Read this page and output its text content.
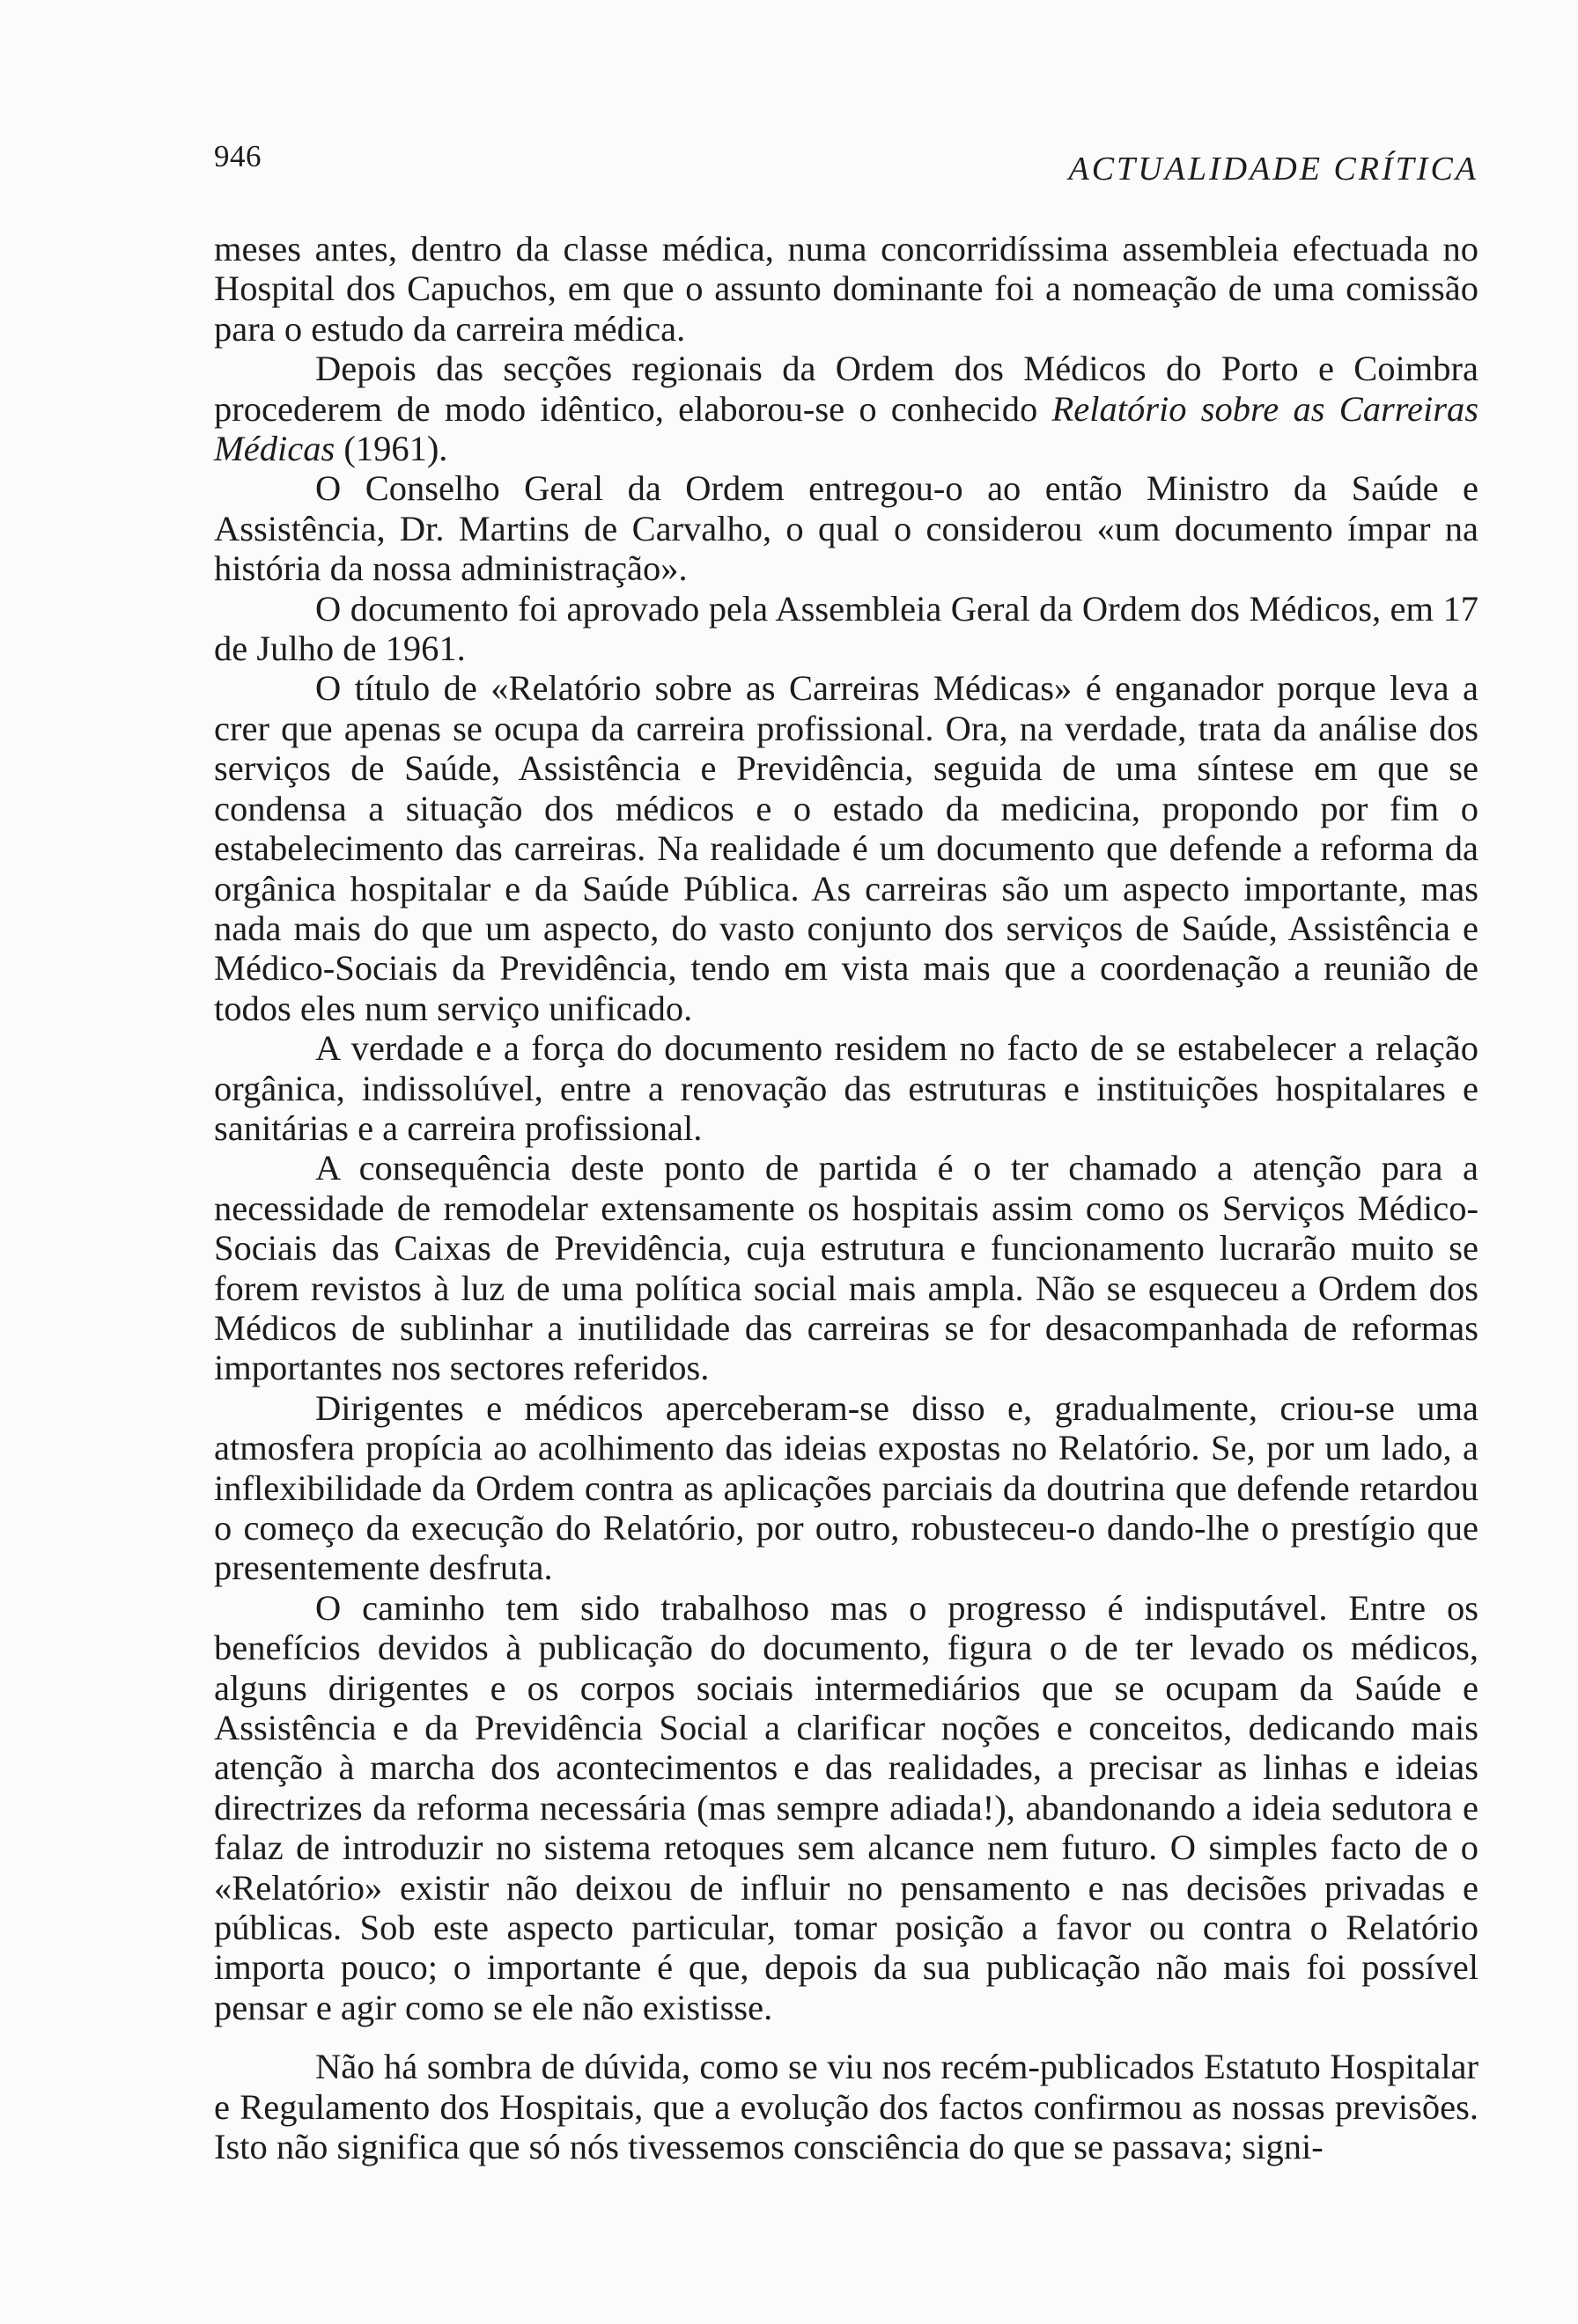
946	ACTUALIDADE CRÍTICA

meses antes, dentro da classe médica, numa concorridíssima assembleia efectuada no Hospital dos Capuchos, em que o assunto dominante foi a nomeação de uma comissão para o estudo da carreira médica.

Depois das secções regionais da Ordem dos Médicos do Porto e Coimbra procederem de modo idêntico, elaborou-se o conhecido Relatório sobre as Carreiras Médicas (1961).

O Conselho Geral da Ordem entregou-o ao então Ministro da Saúde e Assistência, Dr. Martins de Carvalho, o qual o considerou «um documento ímpar na história da nossa administração».

O documento foi aprovado pela Assembleia Geral da Ordem dos Médicos, em 17 de Julho de 1961.

O título de «Relatório sobre as Carreiras Médicas» é enganador porque leva a crer que apenas se ocupa da carreira profissional. Ora, na verdade, trata da análise dos serviços de Saúde, Assistência e Previdência, seguida de uma síntese em que se condensa a situação dos médicos e o estado da medicina, propondo por fim o estabelecimento das carreiras. Na realidade é um documento que defende a reforma da orgânica hospitalar e da Saúde Pública. As carreiras são um aspecto importante, mas nada mais do que um aspecto, do vasto conjunto dos serviços de Saúde, Assistência e Médico-Sociais da Previdência, tendo em vista mais que a coordenação a reunião de todos eles num serviço unificado.

A verdade e a força do documento residem no facto de se estabelecer a relação orgânica, indissolúvel, entre a renovação das estruturas e instituições hospitalares e sanitárias e a carreira profissional.

A consequência deste ponto de partida é o ter chamado a atenção para a necessidade de remodelar extensamente os hospitais assim como os Serviços Médico-Sociais das Caixas de Previdência, cuja estrutura e funcionamento lucrarão muito se forem revistos à luz de uma política social mais ampla. Não se esqueceu a Ordem dos Médicos de sublinhar a inutilidade das carreiras se for desacompanhada de reformas importantes nos sectores referidos.

Dirigentes e médicos aperceberam-se disso e, gradualmente, criou-se uma atmosfera propícia ao acolhimento das ideias expostas no Relatório. Se, por um lado, a inflexibilidade da Ordem contra as aplicações parciais da doutrina que defende retardou o começo da execução do Relatório, por outro, robusteceu-o dando-lhe o prestígio que presentemente desfruta.

O caminho tem sido trabalhoso mas o progresso é indisputável. Entre os benefícios devidos à publicação do documento, figura o de ter levado os médicos, alguns dirigentes e os corpos sociais intermediários que se ocupam da Saúde e Assistência e da Previdência Social a clarificar noções e conceitos, dedicando mais atenção à marcha dos acontecimentos e das realidades, a precisar as linhas e ideias directrizes da reforma necessária (mas sempre adiada!), abandonando a ideia sedutora e falaz de introduzir no sistema retoques sem alcance nem futuro. O simples facto de o «Relatório» existir não deixou de influir no pensamento e nas decisões privadas e públicas. Sob este aspecto particular, tomar posição a favor ou contra o Relatório importa pouco; o importante é que, depois da sua publicação não mais foi possível pensar e agir como se ele não existisse.

Não há sombra de dúvida, como se viu nos recém-publicados Estatuto Hospitalar e Regulamento dos Hospitais, que a evolução dos factos confirmou as nossas previsões. Isto não significa que só nós tivessemos consciência do que se passava; signi-
